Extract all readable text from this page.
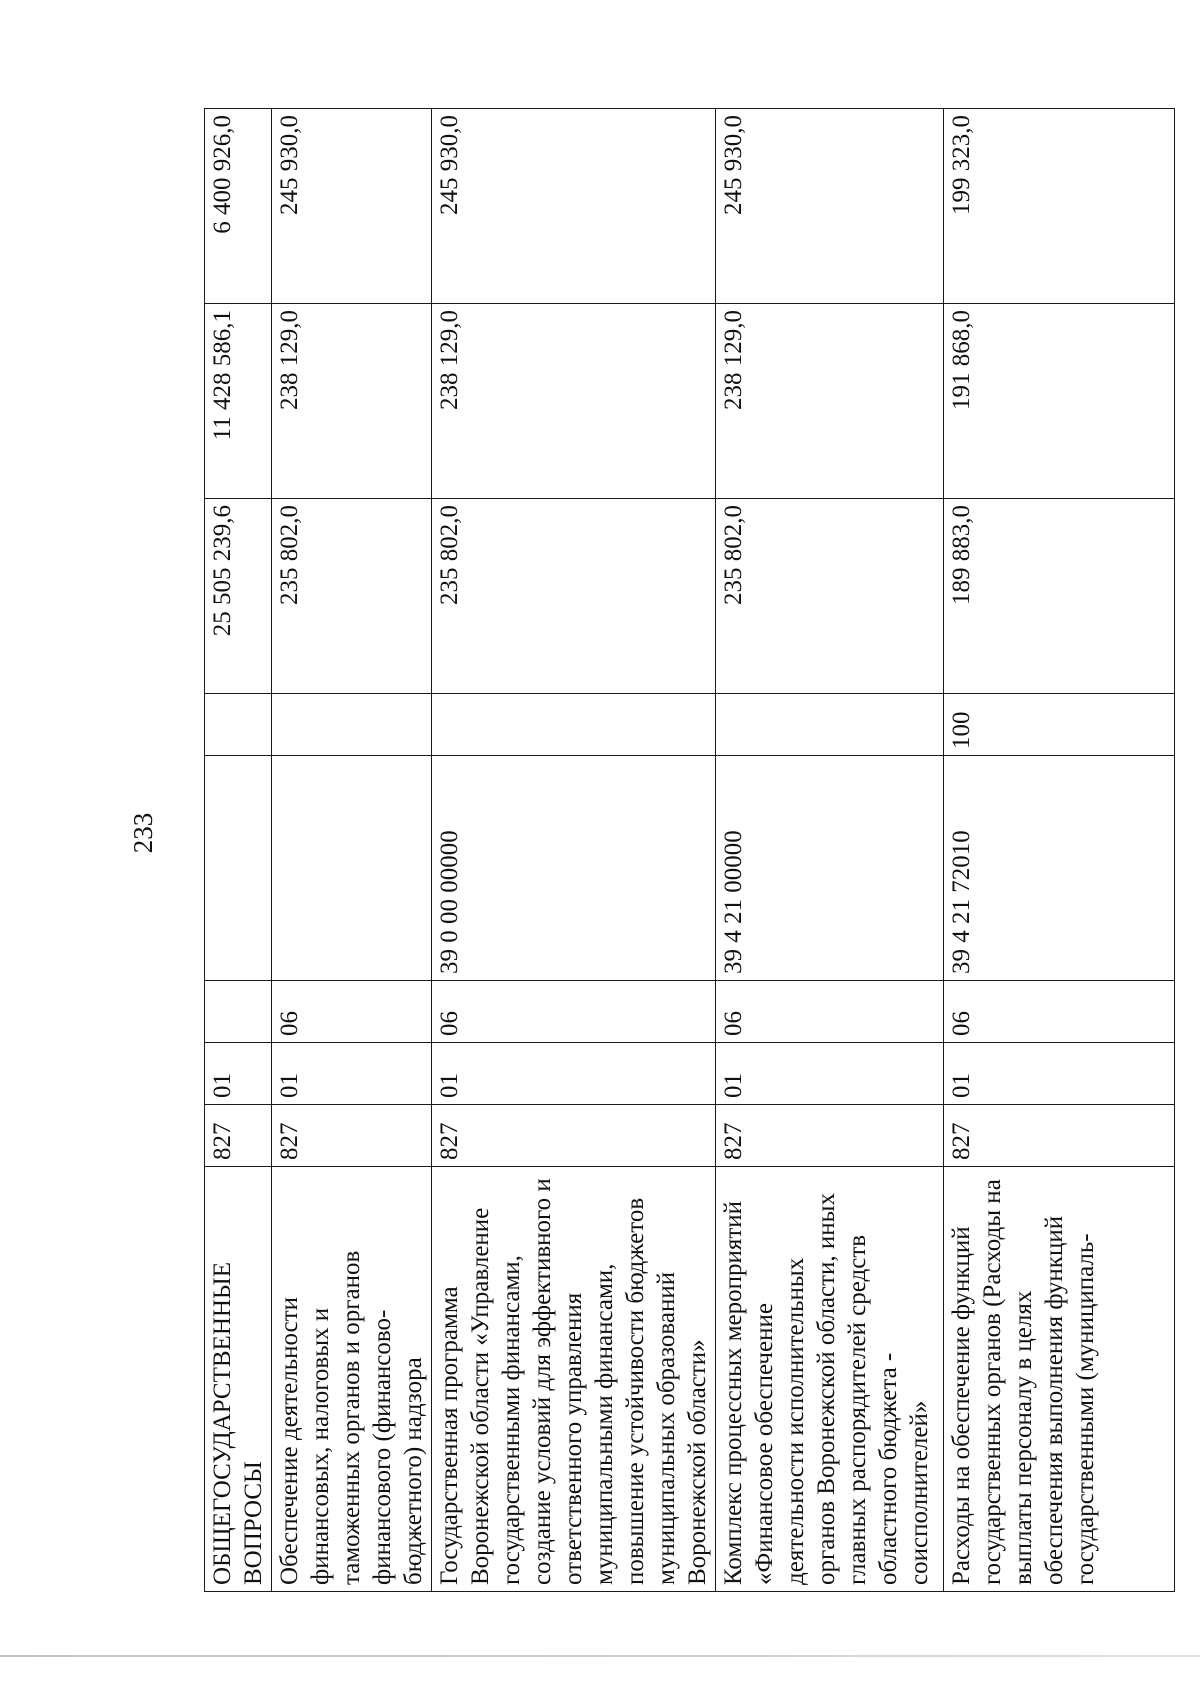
233
ОБЩЕГОСУДАРСТВЕННЫЕ ВОПРОСЫ	827	01				25 505 239,6	11 428 586,1	6 400 926,0
Обеспечение деятельности финансовых, налоговых и таможенных органов и органов финансового (финансово-бюджетного) надзора	827	01	06			235 802,0	238 129,0	245 930,0
Государственная программа Воронежской области «Управление государственными финансами, создание условий для эффективного и ответственного управления муниципальными финансами, повышение устойчивости бюджетов муниципальных образований Воронежской области»	827	01	06	39 0 00 00000		235 802,0	238 129,0	245 930,0
Комплекс процессных мероприятий «Финансовое обеспечение деятельности исполнительных органов Воронежской области, иных главных распорядителей средств областного бюджета - соисполнителей»	827	01	06	39 4 21 00000		235 802,0	238 129,0	245 930,0
Расходы на обеспечение функций государственных органов (Расходы на выплаты персоналу в целях обеспечения выполнения функций государственными (муниципаль-	827	01	06	39 4 21 72010	100	189 883,0	191 868,0	199 323,0
